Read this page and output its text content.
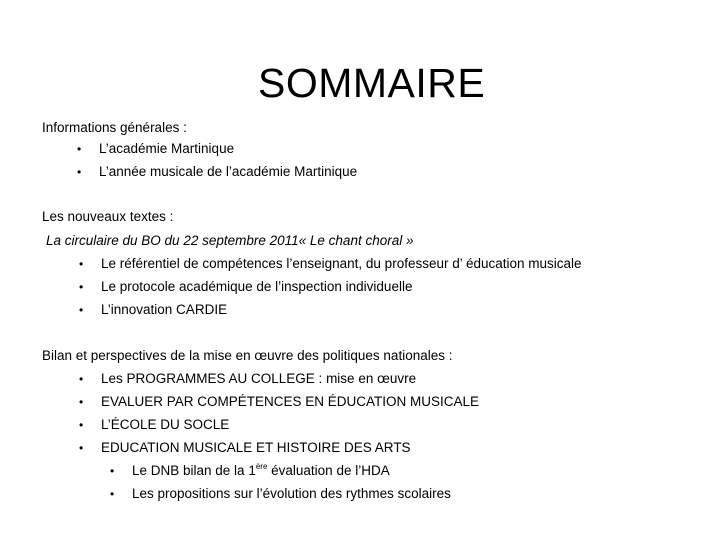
SOMMAIRE
Informations générales :
• L’académie Martinique
• L’année musicale de l’académie Martinique
Les nouveaux textes :
La circulaire du BO du 22 septembre 2011« Le chant choral »
• Le référentiel de compétences l’enseignant, du professeur d’ éducation musicale
• Le protocole académique de l’inspection individuelle
• L’innovation CARDIE
Bilan et perspectives de la mise en œuvre des politiques nationales :
• Les PROGRAMMES AU COLLEGE : mise en œuvre
• EVALUER PAR COMPÉTENCES EN ÉDUCATION MUSICALE
• L’ÉCOLE DU SOCLE
• EDUCATION MUSICALE ET HISTOIRE DES ARTS
• Le DNB bilan de la 1ère évaluation de l’HDA
• Les propositions sur l’évolution des rythmes scolaires
